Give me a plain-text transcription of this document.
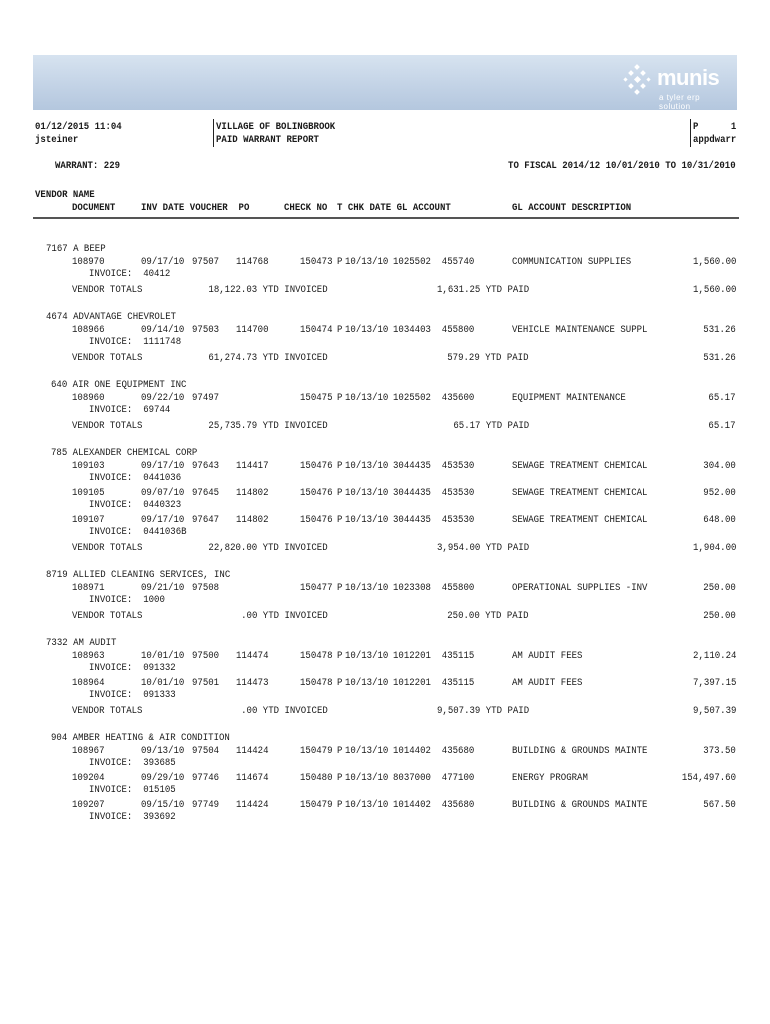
munis
a tyler erp solution
01/12/2015 11:04
jsteiner
VILLAGE OF BOLINGBROOK
PAID WARRANT REPORT
P	1
appdwarr
WARRANT: 229	TO FISCAL 2014/12 10/01/2010 TO 10/31/2010
VENDOR NAME
DOCUMENT INV DATE VOUCHER  PO	CHECK NO T CHK DATE GL ACCOUNT	GL ACCOUNT DESCRIPTION
7167 A BEEP
108970	09/17/10 97507 114768	150473 P 10/13/10 1025502  455740	COMMUNICATION SUPPLIES	1,560.00
INVOICE:  40412
VENDOR TOTALS	18,122.03 YTD INVOICED	1,631.25 YTD PAID	1,560.00
4674 ADVANTAGE CHEVROLET
108966	09/14/10 97503 114700	150474 P 10/13/10 1034403  455800	VEHICLE MAINTENANCE SUPPL	531.26
INVOICE:  1111748
VENDOR TOTALS	61,274.73 YTD INVOICED	579.29 YTD PAID	531.26
640 AIR ONE EQUIPMENT INC
108960	09/22/10 97497	150475 P 10/13/10 1025502  435600	EQUIPMENT MAINTENANCE	65.17
INVOICE:  69744
VENDOR TOTALS	25,735.79 YTD INVOICED	65.17 YTD PAID	65.17
785 ALEXANDER CHEMICAL CORP
109103	09/17/10 97643 114417	150476 P 10/13/10 3044435  453530	SEWAGE TREATMENT CHEMICAL	304.00
INVOICE:  0441036
109105	09/07/10 97645 114802	150476 P 10/13/10 3044435  453530	SEWAGE TREATMENT CHEMICAL	952.00
INVOICE:  0440323
109107	09/17/10 97647 114802	150476 P 10/13/10 3044435  453530	SEWAGE TREATMENT CHEMICAL	648.00
INVOICE:  0441036B
VENDOR TOTALS	22,820.00 YTD INVOICED	3,954.00 YTD PAID	1,904.00
8719 ALLIED CLEANING SERVICES, INC
108971	09/21/10 97508	150477 P 10/13/10 1023308  455800	OPERATIONAL SUPPLIES -INV	250.00
INVOICE:  1000
VENDOR TOTALS	.00 YTD INVOICED	250.00 YTD PAID	250.00
7332 AM AUDIT
108963	10/01/10 97500 114474	150478 P 10/13/10 1012201  435115	AM AUDIT FEES	2,110.24
INVOICE:  091332
108964	10/01/10 97501 114473	150478 P 10/13/10 1012201  435115	AM AUDIT FEES	7,397.15
INVOICE:  091333
VENDOR TOTALS	.00 YTD INVOICED	9,507.39 YTD PAID	9,507.39
904 AMBER HEATING & AIR CONDITION
108967	09/13/10 97504 114424	150479 P 10/13/10 1014402  435680	BUILDING & GROUNDS MAINTE	373.50
INVOICE:  393685
109204	09/29/10 97746 114674	150480 P 10/13/10 8037000  477100	ENERGY PROGRAM	154,497.60
INVOICE:  015105
109207	09/15/10 97749 114424	150479 P 10/13/10 1014402  435680	BUILDING & GROUNDS MAINTE	567.50
INVOICE:  393692
